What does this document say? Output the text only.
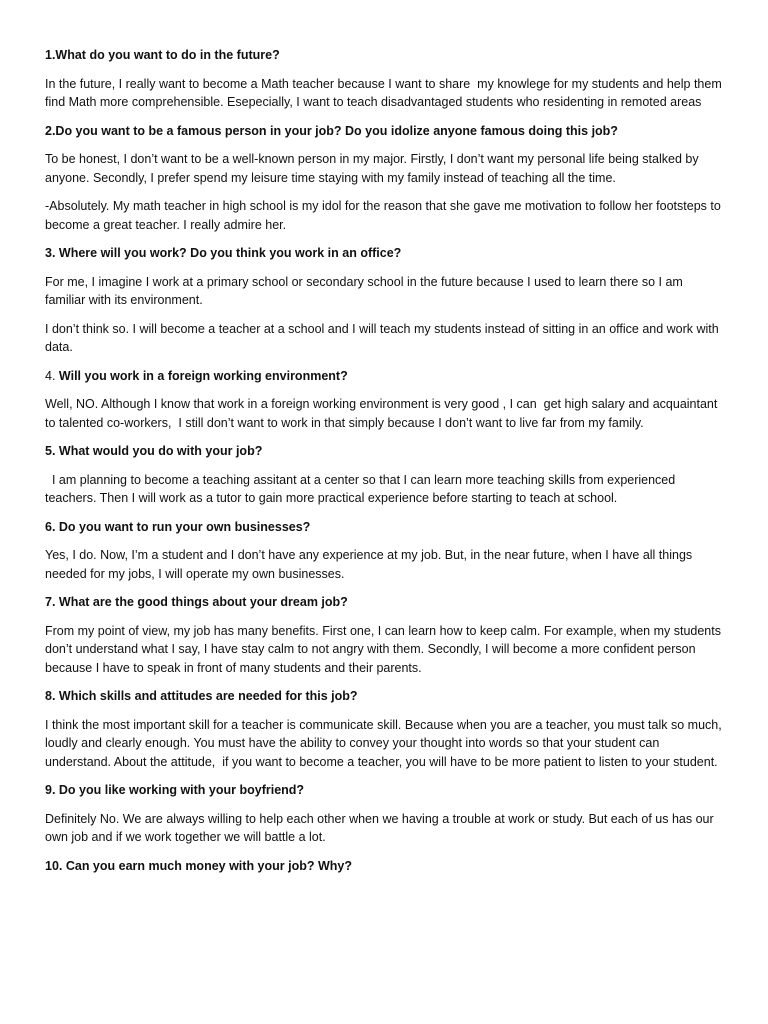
1.What do you want to do in the future?

In the future, I really want to become a Math teacher because I want to share  my knowlege for my students and help them find Math more comprehensible. Esepecially, I want to teach disadvantaged students who residenting in remoted areas

2.Do you want to be a famous person in your job? Do you idolize anyone famous doing this job?

To be honest, I don’t want to be a well-known person in my major. Firstly, I don’t want my personal life being stalked by anyone. Secondly, I prefer spend my leisure time staying with my family instead of teaching all the time.

-Absolutely. My math teacher in high school is my idol for the reason that she gave me motivation to follow her footsteps to become a great teacher. I really admire her.

3. Where will you work? Do you think you work in an office?

For me, I imagine I work at a primary school or secondary school in the future because I used to learn there so I am familiar with its environment.

I don’t think so. I will become a teacher at a school and I will teach my students instead of sitting in an office and work with data.

4. Will you work in a foreign working environment?

Well, NO. Although I know that work in a foreign working environment is very good , I can  get high salary and acquaintant to talented co-workers,  I still don’t want to work in that simply because I don’t want to live far from my family.

5. What would you do with your job?

I am planning to become a teaching assitant at a center so that I can learn more teaching skills from experienced teachers. Then I will work as a tutor to gain more practical experience before starting to teach at school.

6. Do you want to run your own businesses?

Yes, I do. Now, I’m a student and I don’t have any experience at my job. But, in the near future, when I have all things needed for my jobs, I will operate my own businesses.

7. What are the good things about your dream job?

From my point of view, my job has many benefits. First one, I can learn how to keep calm. For example, when my students don’t understand what I say, I have stay calm to not angry with them. Secondly, I will become a more confident person because I have to speak in front of many students and their parents.

8. Which skills and attitudes are needed for this job?

I think the most important skill for a teacher is communicate skill. Because when you are a teacher, you must talk so much, loudly and clearly enough. You must have the ability to convey your thought into words so that your student can understand. About the attitude,  if you want to become a teacher, you will have to be more patient to listen to your student.

9. Do you like working with your boyfriend?

Definitely No. We are always willing to help each other when we having a trouble at work or study. But each of us has our own job and if we work together we will battle a lot.

10. Can you earn much money with your job? Why?
